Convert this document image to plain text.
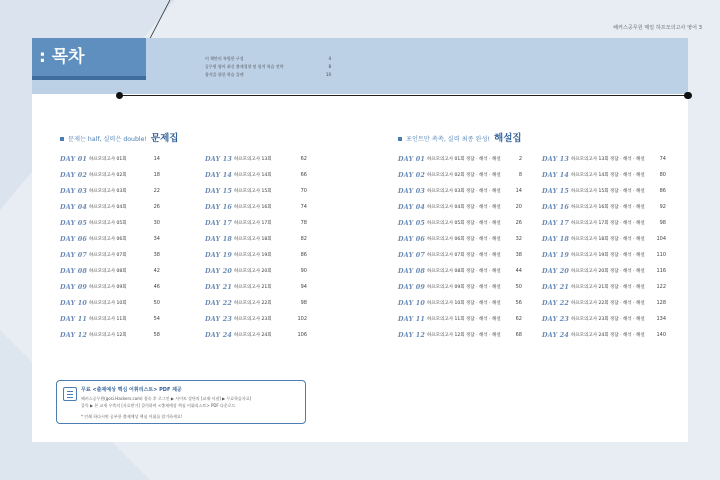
해커스공무원 매일 하프모의고사 영어 3
: 목차	이 책만의 특별한 구성	4
공무원 영어 최신 출제경향 및 합격 학습 전략	8
합격을 위한 학습 플랜	10
문제는 half, 실력은 double! 문제집
DAY 01 하프모의고사 01회	14
DAY 02 하프모의고사 02회	18
DAY 03 하프모의고사 03회	22
DAY 04 하프모의고사 04회	26
DAY 05 하프모의고사 05회	30
DAY 06 하프모의고사 06회	34
DAY 07 하프모의고사 07회	38
DAY 08 하프모의고사 08회	42
DAY 09 하프모의고사 09회	46
DAY 10 하프모의고사 10회	50
DAY 11 하프모의고사 11회	54
DAY 12 하프모의고사 12회	58
DAY 13 하프모의고사 13회	62
DAY 14 하프모의고사 14회	66
DAY 15 하프모의고사 15회	70
DAY 16 하프모의고사 16회	74
DAY 17 하프모의고사 17회	78
DAY 18 하프모의고사 18회	82
DAY 19 하프모의고사 19회	86
DAY 20 하프모의고사 20회	90
DAY 21 하프모의고사 21회	94
DAY 22 하프모의고사 22회	98
DAY 23 하프모의고사 23회	102
DAY 24 하프모의고사 24회	106
포인트만 쏙쏙, 실력 최종 완성! 해설집
DAY 01 하프모의고사 01회 정답 · 해석 · 해설	2
DAY 02 하프모의고사 02회 정답 · 해석 · 해설	8
DAY 03 하프모의고사 03회 정답 · 해석 · 해설	14
DAY 04 하프모의고사 04회 정답 · 해석 · 해설	20
DAY 05 하프모의고사 05회 정답 · 해석 · 해설	26
DAY 06 하프모의고사 06회 정답 · 해석 · 해설	32
DAY 07 하프모의고사 07회 정답 · 해석 · 해설	38
DAY 08 하프모의고사 08회 정답 · 해석 · 해설	44
DAY 09 하프모의고사 09회 정답 · 해석 · 해설	50
DAY 10 하프모의고사 10회 정답 · 해석 · 해설	56
DAY 11 하프모의고사 11회 정답 · 해석 · 해설	62
DAY 12 하프모의고사 12회 정답 · 해석 · 해설	68
DAY 13 하프모의고사 13회 정답 · 해석 · 해설	74
DAY 14 하프모의고사 14회 정답 · 해석 · 해설	80
DAY 15 하프모의고사 15회 정답 · 해석 · 해설	86
DAY 16 하프모의고사 16회 정답 · 해석 · 해설	92
DAY 17 하프모의고사 17회 정답 · 해석 · 해설	98
DAY 18 하프모의고사 18회 정답 · 해석 · 해설	104
DAY 19 하프모의고사 19회 정답 · 해석 · 해설	110
DAY 20 하프모의고사 20회 정답 · 해석 · 해설	116
DAY 21 하프모의고사 21회 정답 · 해석 · 해설	122
DAY 22 하프모의고사 22회 정답 · 해석 · 해설	128
DAY 23 하프모의고사 23회 정답 · 해석 · 해설	134
DAY 24 하프모의고사 24회 정답 · 해석 · 해설	140
무료 <출제예상 핵심 어휘리스트> PDF 제공
해커스공무원(gosi.Hackers.com) 접속 후 로그인 ▶ 사이트 상단의 [교재·서점] ▶ 무료학습자료]
클릭 ▶ 본 교재 우측의 [자료받기] 클릭하여 <출제예상 핵심 어휘리스트> PDF 다운로드
* 인쇄 하다시면 공부한 출제예상 핵심 어휘를 암기하세요!
